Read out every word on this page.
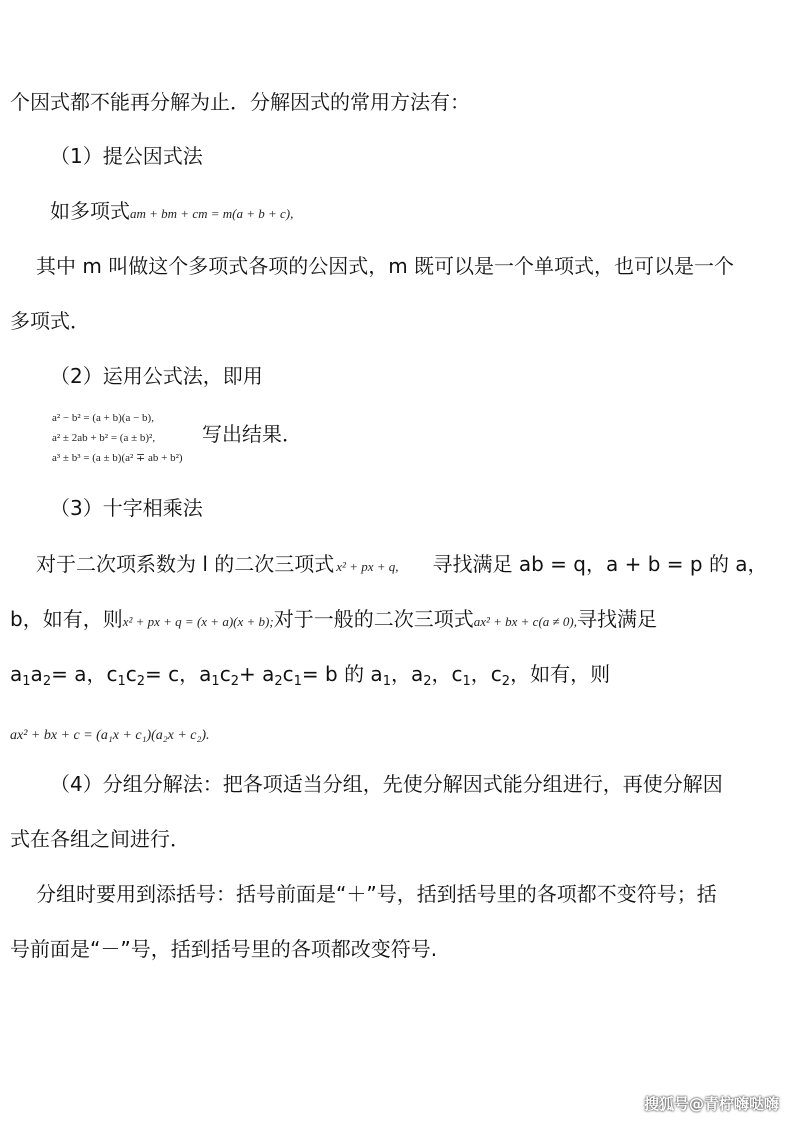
个因式都不能再分解为止．分解因式的常用方法有：
（1）提公因式法
如多项式am + bm + cm = m(a + b + c),
其中 m 叫做这个多项式各项的公因式，m 既可以是一个单项式，也可以是一个
多项式．
（2）运用公式法，即用
a² − b² = (a + b)(a − b),
a² ± 2ab + b² = (a ± b)²,
a³ ± b³ = (a ± b)(a² ∓ ab + b²)
写出结果．
（3）十字相乘法
对于二次项系数为 l 的二次三项式 x² + px + q, 寻找满足 ab = q，a + b = p 的 a，
b，如有，则x² + px + q = (x + a)(x + b);对于一般的二次三项式ax² + bx + c(a ≠ 0),寻找满足
$a_1a_2= a$，$c_1c_2= c$，$a_1c_2+ a_2c_1= b$ 的 $a_1$，$a_2$，$c_1$，$c_2$，如有，则
ax² + bx + c = (a₁x + c₁)(a₂x + c₂).
（4）分组分解法：把各项适当分组，先使分解因式能分组进行，再使分解因
式在各组之间进行．
分组时要用到添括号：括号前面是“＋”号，括到括号里的各项都不变符号；括
号前面是“－”号，括到括号里的各项都改变符号.
搜狐号@青柠嗨哒嗨
